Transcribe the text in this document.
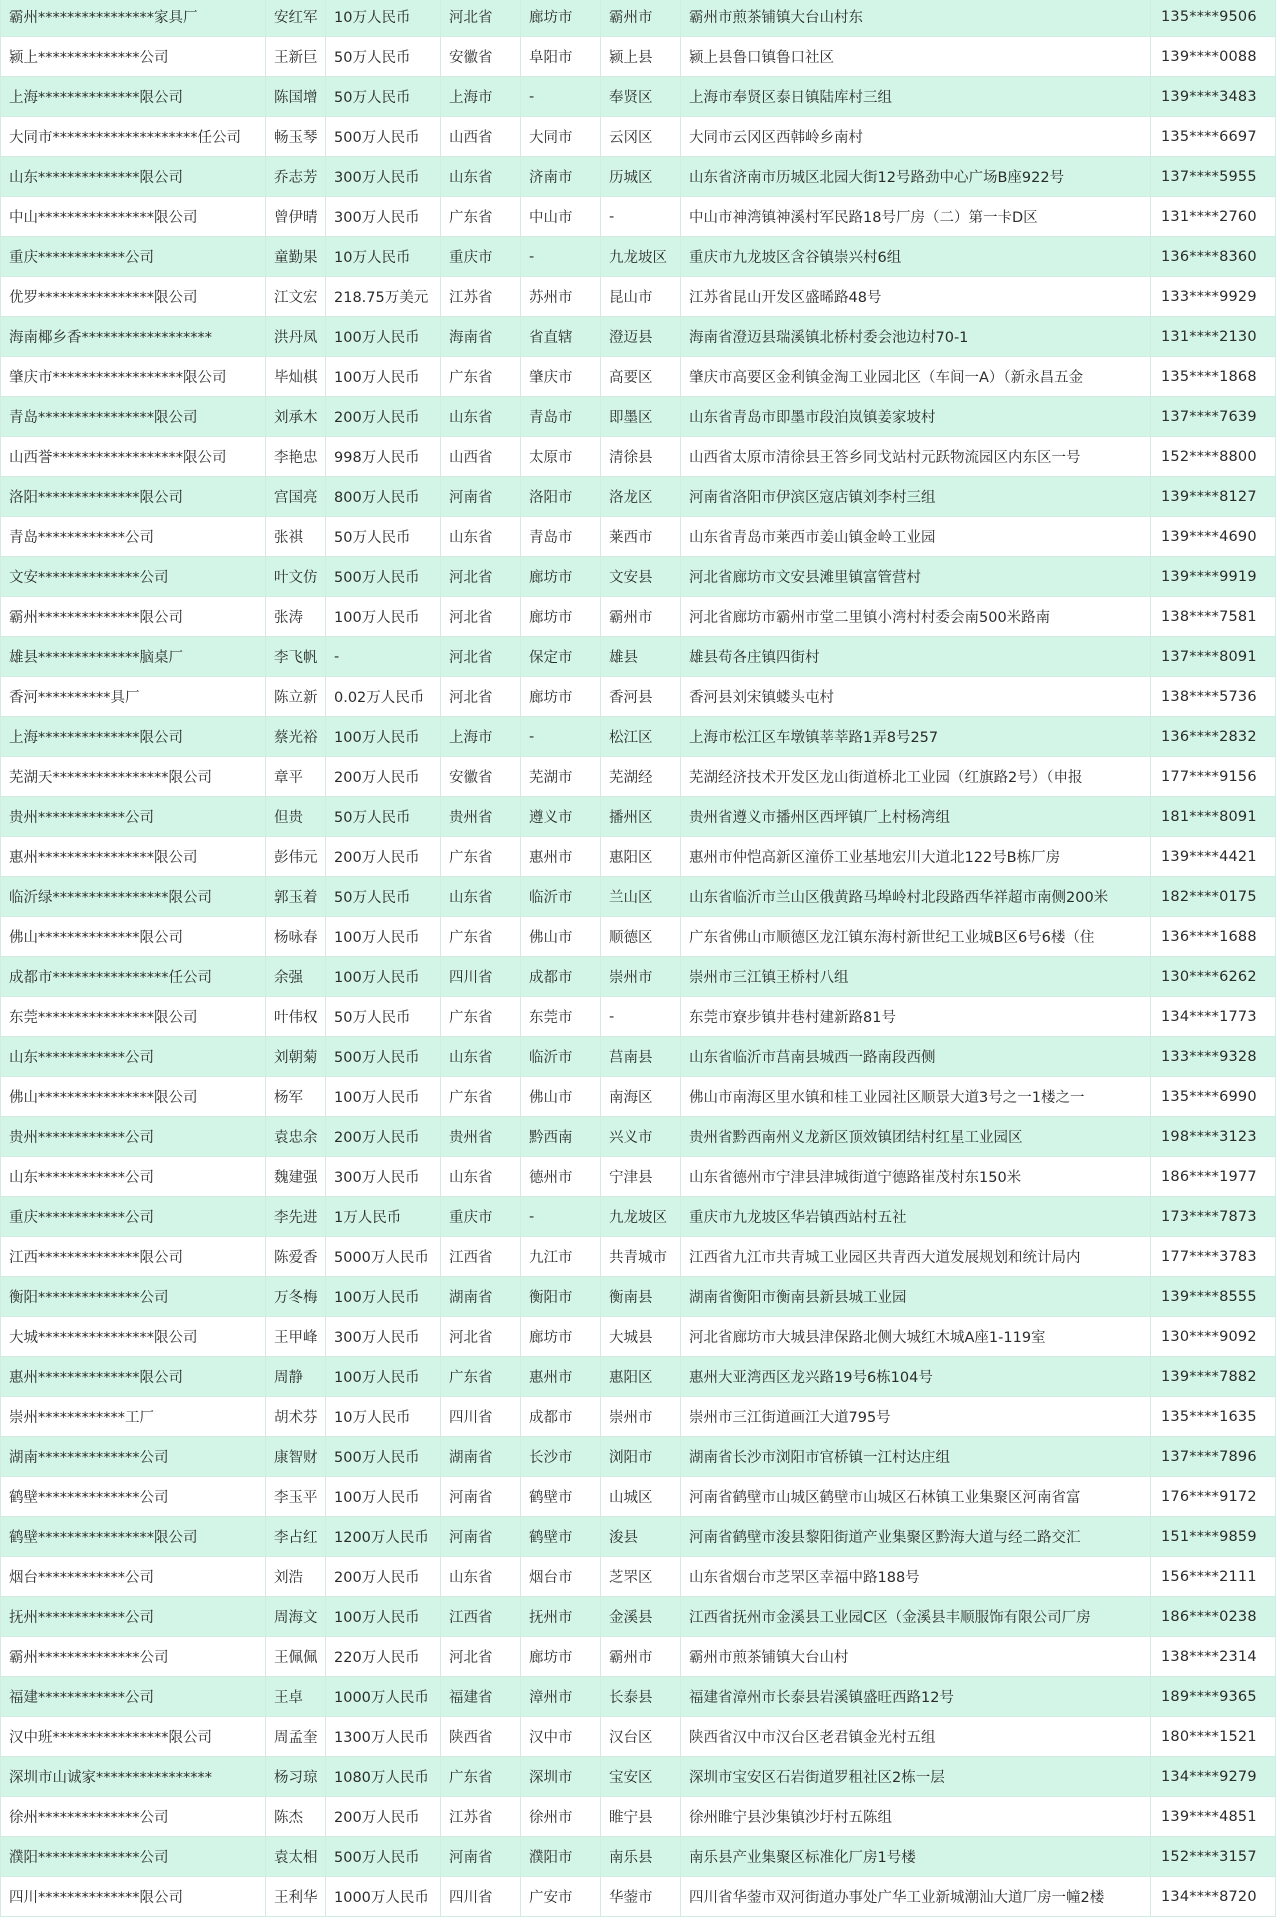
霸州****************家具厂	安红军	10万人民币	河北省	廊坊市	霸州市	霸州市煎茶铺镇大台山村东	135****9506
颍上**************公司	王新巨	50万人民币	安徽省	阜阳市	颍上县	颍上县鲁口镇鲁口社区	139****0088
上海**************限公司	陈国增	50万人民币	上海市	-	奉贤区	上海市奉贤区泰日镇陆库村三组	139****3483
大同市********************任公司	畅玉琴	500万人民币	山西省	大同市	云冈区	大同市云冈区西韩岭乡南村	135****6697
山东**************限公司	乔志芳	300万人民币	山东省	济南市	历城区	山东省济南市历城区北园大街12号路劲中心广场B座922号	137****5955
中山****************限公司	曾伊晴	300万人民币	广东省	中山市	-	中山市神湾镇神溪村军民路18号厂房（二）第一卡D区	131****2760
重庆************公司	童勤果	10万人民币	重庆市	-	九龙坡区	重庆市九龙坡区含谷镇崇兴村6组	136****8360
优罗****************限公司	江文宏	218.75万美元	江苏省	苏州市	昆山市	江苏省昆山开发区盛晞路48号	133****9929
海南椰乡香******************	洪丹凤	100万人民币	海南省	省直辖	澄迈县	海南省澄迈县瑞溪镇北桥村委会池边村70-1	131****2130
肇庆市******************限公司	毕灿棋	100万人民币	广东省	肇庆市	高要区	肇庆市高要区金利镇金淘工业园北区（车间一A）（新永昌五金	135****1868
青岛****************限公司	刘承木	200万人民币	山东省	青岛市	即墨区	山东省青岛市即墨市段泊岚镇姜家坡村	137****7639
山西誉******************限公司	李艳忠	998万人民币	山西省	太原市	清徐县	山西省太原市清徐县王答乡同戈站村元跃物流园区内东区一号	152****8800
洛阳**************限公司	宫国亮	800万人民币	河南省	洛阳市	洛龙区	河南省洛阳市伊滨区寇店镇刘李村三组	139****8127
青岛************公司	张祺	50万人民币	山东省	青岛市	莱西市	山东省青岛市莱西市姜山镇金岭工业园	139****4690
文安**************公司	叶文仿	500万人民币	河北省	廊坊市	文安县	河北省廊坊市文安县滩里镇富管营村	139****9919
霸州**************限公司	张涛	100万人民币	河北省	廊坊市	霸州市	河北省廊坊市霸州市堂二里镇小湾村村委会南500米路南	138****7581
雄县**************脑桌厂	李飞帆	-	河北省	保定市	雄县	雄县苟各庄镇四街村	137****8091
香河**********具厂	陈立新	0.02万人民币	河北省	廊坊市	香河县	香河县刘宋镇蝼头屯村	138****5736
上海**************限公司	蔡光裕	100万人民币	上海市	-	松江区	上海市松江区车墩镇莘莘路1弄8号257	136****2832
芜湖天****************限公司	章平	200万人民币	安徽省	芜湖市	芜湖经	芜湖经济技术开发区龙山街道桥北工业园（红旗路2号）（申报	177****9156
贵州************公司	但贵	50万人民币	贵州省	遵义市	播州区	贵州省遵义市播州区西坪镇厂上村杨湾组	181****8091
惠州****************限公司	彭伟元	200万人民币	广东省	惠州市	惠阳区	惠州市仲恺高新区潼侨工业基地宏川大道北122号B栋厂房	139****4421
临沂绿****************限公司	郭玉着	50万人民币	山东省	临沂市	兰山区	山东省临沂市兰山区俄黄路马埠岭村北段路西华祥超市南侧200米	182****0175
佛山**************限公司	杨咏春	100万人民币	广东省	佛山市	顺德区	广东省佛山市顺德区龙江镇东海村新世纪工业城B区6号6楼（住	136****1688
成都市****************任公司	余强	100万人民币	四川省	成都市	崇州市	崇州市三江镇王桥村八组	130****6262
东莞****************限公司	叶伟权	50万人民币	广东省	东莞市	-	东莞市寮步镇井巷村建新路81号	134****1773
山东************公司	刘朝菊	500万人民币	山东省	临沂市	莒南县	山东省临沂市莒南县城西一路南段西侧	133****9328
佛山****************限公司	杨军	100万人民币	广东省	佛山市	南海区	佛山市南海区里水镇和桂工业园社区顺景大道3号之一1楼之一	135****6990
贵州************公司	袁忠余	200万人民币	贵州省	黔西南	兴义市	贵州省黔西南州义龙新区顶效镇团结村红星工业园区	198****3123
山东************公司	魏建强	300万人民币	山东省	德州市	宁津县	山东省德州市宁津县津城街道宁德路崔茂村东150米	186****1977
重庆************公司	李先进	1万人民币	重庆市	-	九龙坡区	重庆市九龙坡区华岩镇西站村五社	173****7873
江西**************限公司	陈爱香	5000万人民币	江西省	九江市	共青城市	江西省九江市共青城工业园区共青西大道发展规划和统计局内	177****3783
衡阳**************公司	万冬梅	100万人民币	湖南省	衡阳市	衡南县	湖南省衡阳市衡南县新县城工业园	139****8555
大城****************限公司	王甲峰	300万人民币	河北省	廊坊市	大城县	河北省廊坊市大城县津保路北侧大城红木城A座1-119室	130****9092
惠州**************限公司	周静	100万人民币	广东省	惠州市	惠阳区	惠州大亚湾西区龙兴路19号6栋104号	139****7882
崇州************工厂	胡术芬	10万人民币	四川省	成都市	崇州市	崇州市三江街道画江大道795号	135****1635
湖南**************公司	康智财	500万人民币	湖南省	长沙市	浏阳市	湖南省长沙市浏阳市官桥镇一江村达庄组	137****7896
鹤壁**************公司	李玉平	100万人民币	河南省	鹤壁市	山城区	河南省鹤壁市山城区鹤壁市山城区石林镇工业集聚区河南省富	176****9172
鹤壁****************限公司	李占红	1200万人民币	河南省	鹤壁市	浚县	河南省鹤壁市浚县黎阳街道产业集聚区黔海大道与经二路交汇	151****9859
烟台************公司	刘浩	200万人民币	山东省	烟台市	芝罘区	山东省烟台市芝罘区幸福中路188号	156****2111
抚州************公司	周海文	100万人民币	江西省	抚州市	金溪县	江西省抚州市金溪县工业园C区（金溪县丰顺服饰有限公司厂房	186****0238
霸州**************公司	王佩佩	220万人民币	河北省	廊坊市	霸州市	霸州市煎茶铺镇大台山村	138****2314
福建************公司	王卓	1000万人民币	福建省	漳州市	长泰县	福建省漳州市长泰县岩溪镇盛旺西路12号	189****9365
汉中班****************限公司	周孟奎	1300万人民币	陕西省	汉中市	汉台区	陕西省汉中市汉台区老君镇金光村五组	180****1521
深圳市山诚家****************	杨习琼	1080万人民币	广东省	深圳市	宝安区	深圳市宝安区石岩街道罗租社区2栋一层	134****9279
徐州**************公司	陈杰	200万人民币	江苏省	徐州市	睢宁县	徐州睢宁县沙集镇沙圩村五陈组	139****4851
濮阳**************公司	袁太相	500万人民币	河南省	濮阳市	南乐县	南乐县产业集聚区标准化厂房1号楼	152****3157
四川**************限公司	王利华	1000万人民币	四川省	广安市	华蓥市	四川省华蓥市双河街道办事处广华工业新城潮汕大道厂房一幢2楼	134****8720
